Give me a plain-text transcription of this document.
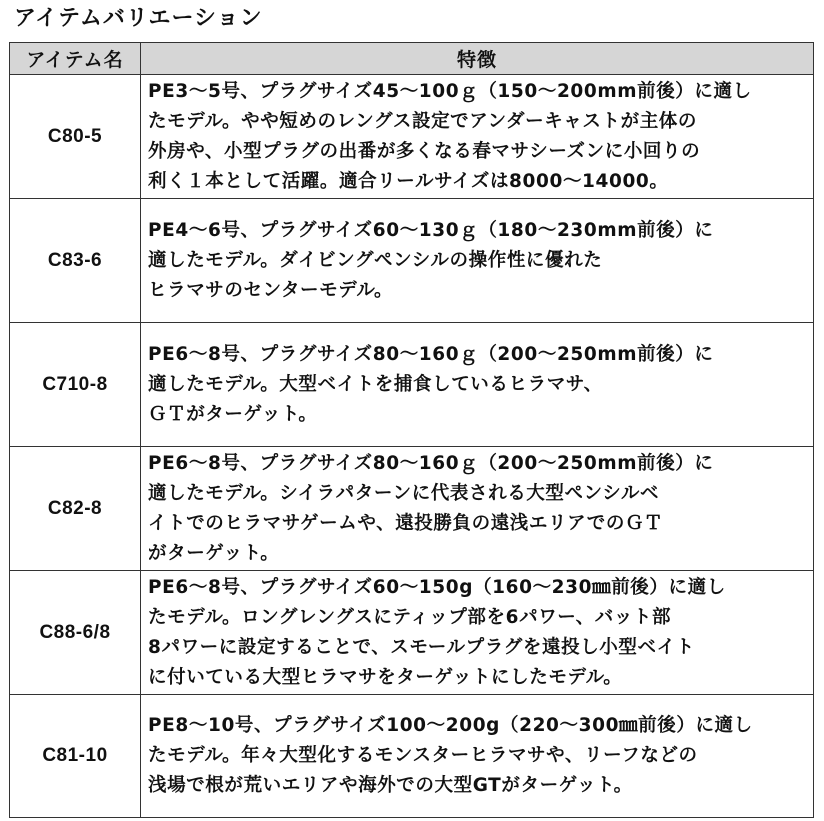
アイテムバリエーション
アイテム名	特徴
C80-5	PE3〜5号、プラグサイズ45〜100ｇ（150〜200mm前後）に適し
たモデル。やや短めのレングス設定でアンダーキャストが主体の
外房や、小型プラグの出番が多くなる春マサシーズンに小回りの
利く１本として活躍。適合リールサイズは8000〜14000。

C83-6	PE4〜6号、プラグサイズ60〜130ｇ（180〜230mm前後）に
適したモデル。ダイビングペンシルの操作性に優れた
ヒラマサのセンターモデル。

C710-8	PE6〜8号、プラグサイズ80〜160ｇ（200〜250mm前後）に
適したモデル。大型ベイトを捕食しているヒラマサ、
ＧＴがターゲット。

C82-8	PE6〜8号、プラグサイズ80〜160ｇ（200〜250mm前後）に
適したモデル。シイラパターンに代表される大型ペンシルベ
イトでのヒラマサゲームや、遠投勝負の遠浅エリアでのＧＴ
がターゲット。

C88-6/8	PE6〜8号、プラグサイズ60〜150g（160〜230㎜前後）に適し
たモデル。ロングレングスにティップ部を6パワー、バット部
8パワーに設定することで、スモールプラグを遠投し小型ベイト
に付いている大型ヒラマサをターゲットにしたモデル。

C81-10	PE8〜10号、プラグサイズ100〜200g（220〜300㎜前後）に適し
たモデル。年々大型化するモンスターヒラマサや、リーフなどの
浅場で根が荒いエリアや海外での大型GTがターゲット。
